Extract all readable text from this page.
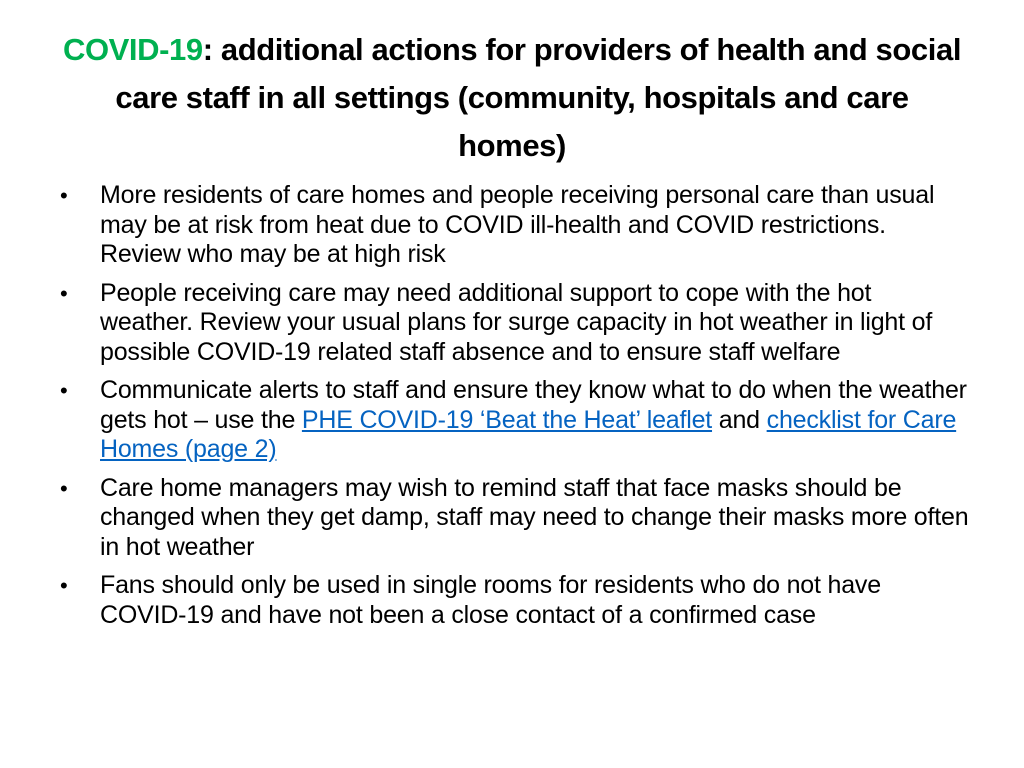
COVID-19: additional actions for providers of health and social care staff in all settings (community, hospitals and care homes)
•	More residents of care homes and people receiving personal care than usual may be at risk from heat due to COVID ill-health and COVID restrictions. Review who may be at high risk
•	People receiving care may need additional support to cope with the hot weather. Review your usual plans for surge capacity in hot weather in light of possible COVID-19 related staff absence and to ensure staff welfare
•	Communicate alerts to staff and ensure they know what to do when the weather gets hot – use the PHE COVID-19 ‘Beat the Heat’ leaflet and checklist for Care Homes (page 2)
•	Care home managers may wish to remind staff that face masks should be changed when they get damp, staff may need to change their masks more often in hot weather
•	Fans should only be used in single rooms for residents who do not have COVID-19 and have not been a close contact of a confirmed case
